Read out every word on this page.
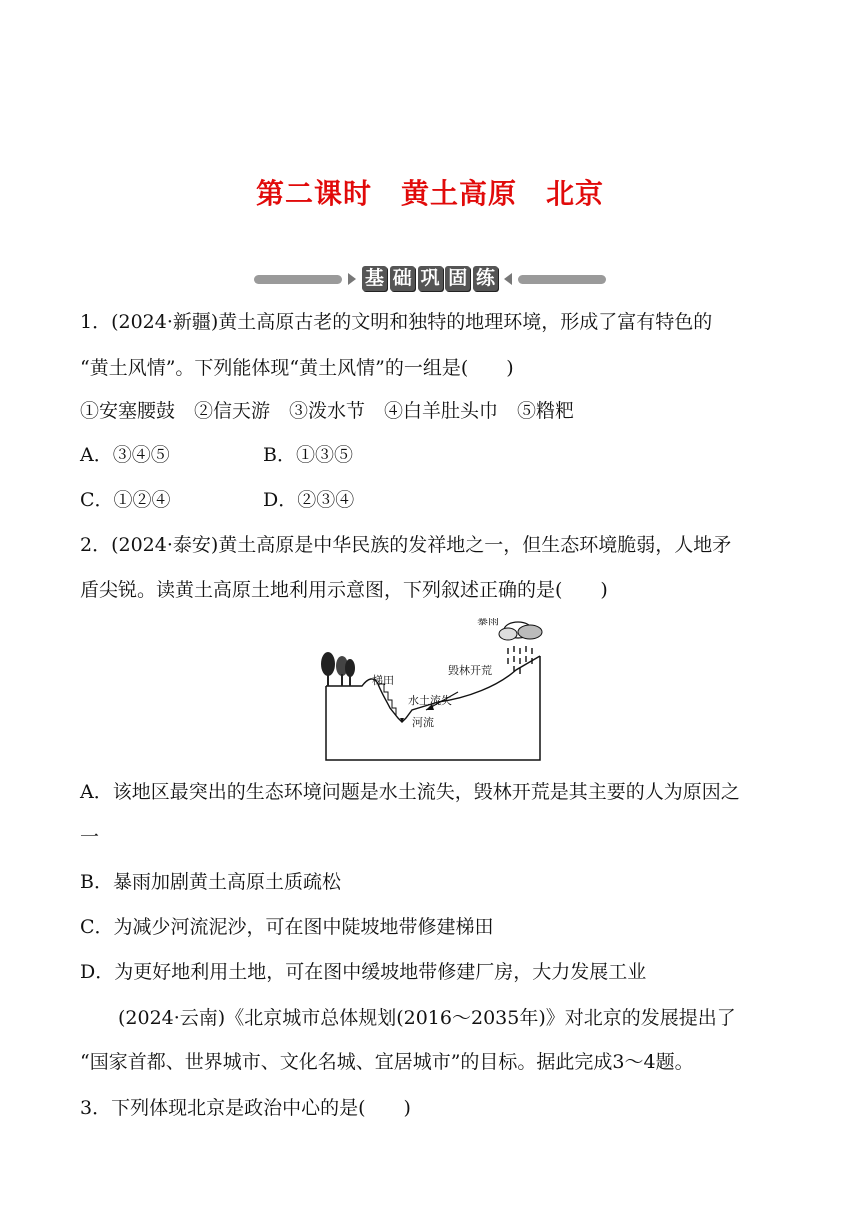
第二课时　黄土高原　北京
基 础 巩 固 练
1．(2024·新疆)黄土高原古老的文明和独特的地理环境，形成了富有特色的
“黄土风情”。下列能体现“黄土风情”的一组是(　　)
①安塞腰鼓　②信天游　③泼水节　④白羊肚头巾　⑤糌粑
A．③④⑤	B．①③⑤
C．①②④	D．②③④
2．(2024·泰安)黄土高原是中华民族的发祥地之一，但生态环境脆弱，人地矛
盾尖锐。读黄土高原土地利用示意图，下列叙述正确的是(　　)
暴雨
毁林开荒
梯田
水土流失
河流
A．该地区最突出的生态环境问题是水土流失，毁林开荒是其主要的人为原因之
一
B．暴雨加剧黄土高原土质疏松
C．为减少河流泥沙，可在图中陡坡地带修建梯田
D．为更好地利用土地，可在图中缓坡地带修建厂房，大力发展工业
(2024·云南)《北京城市总体规划(2016～2035年)》对北京的发展提出了
“国家首都、世界城市、文化名城、宜居城市”的目标。据此完成3～4题。
3．下列体现北京是政治中心的是(　　)
